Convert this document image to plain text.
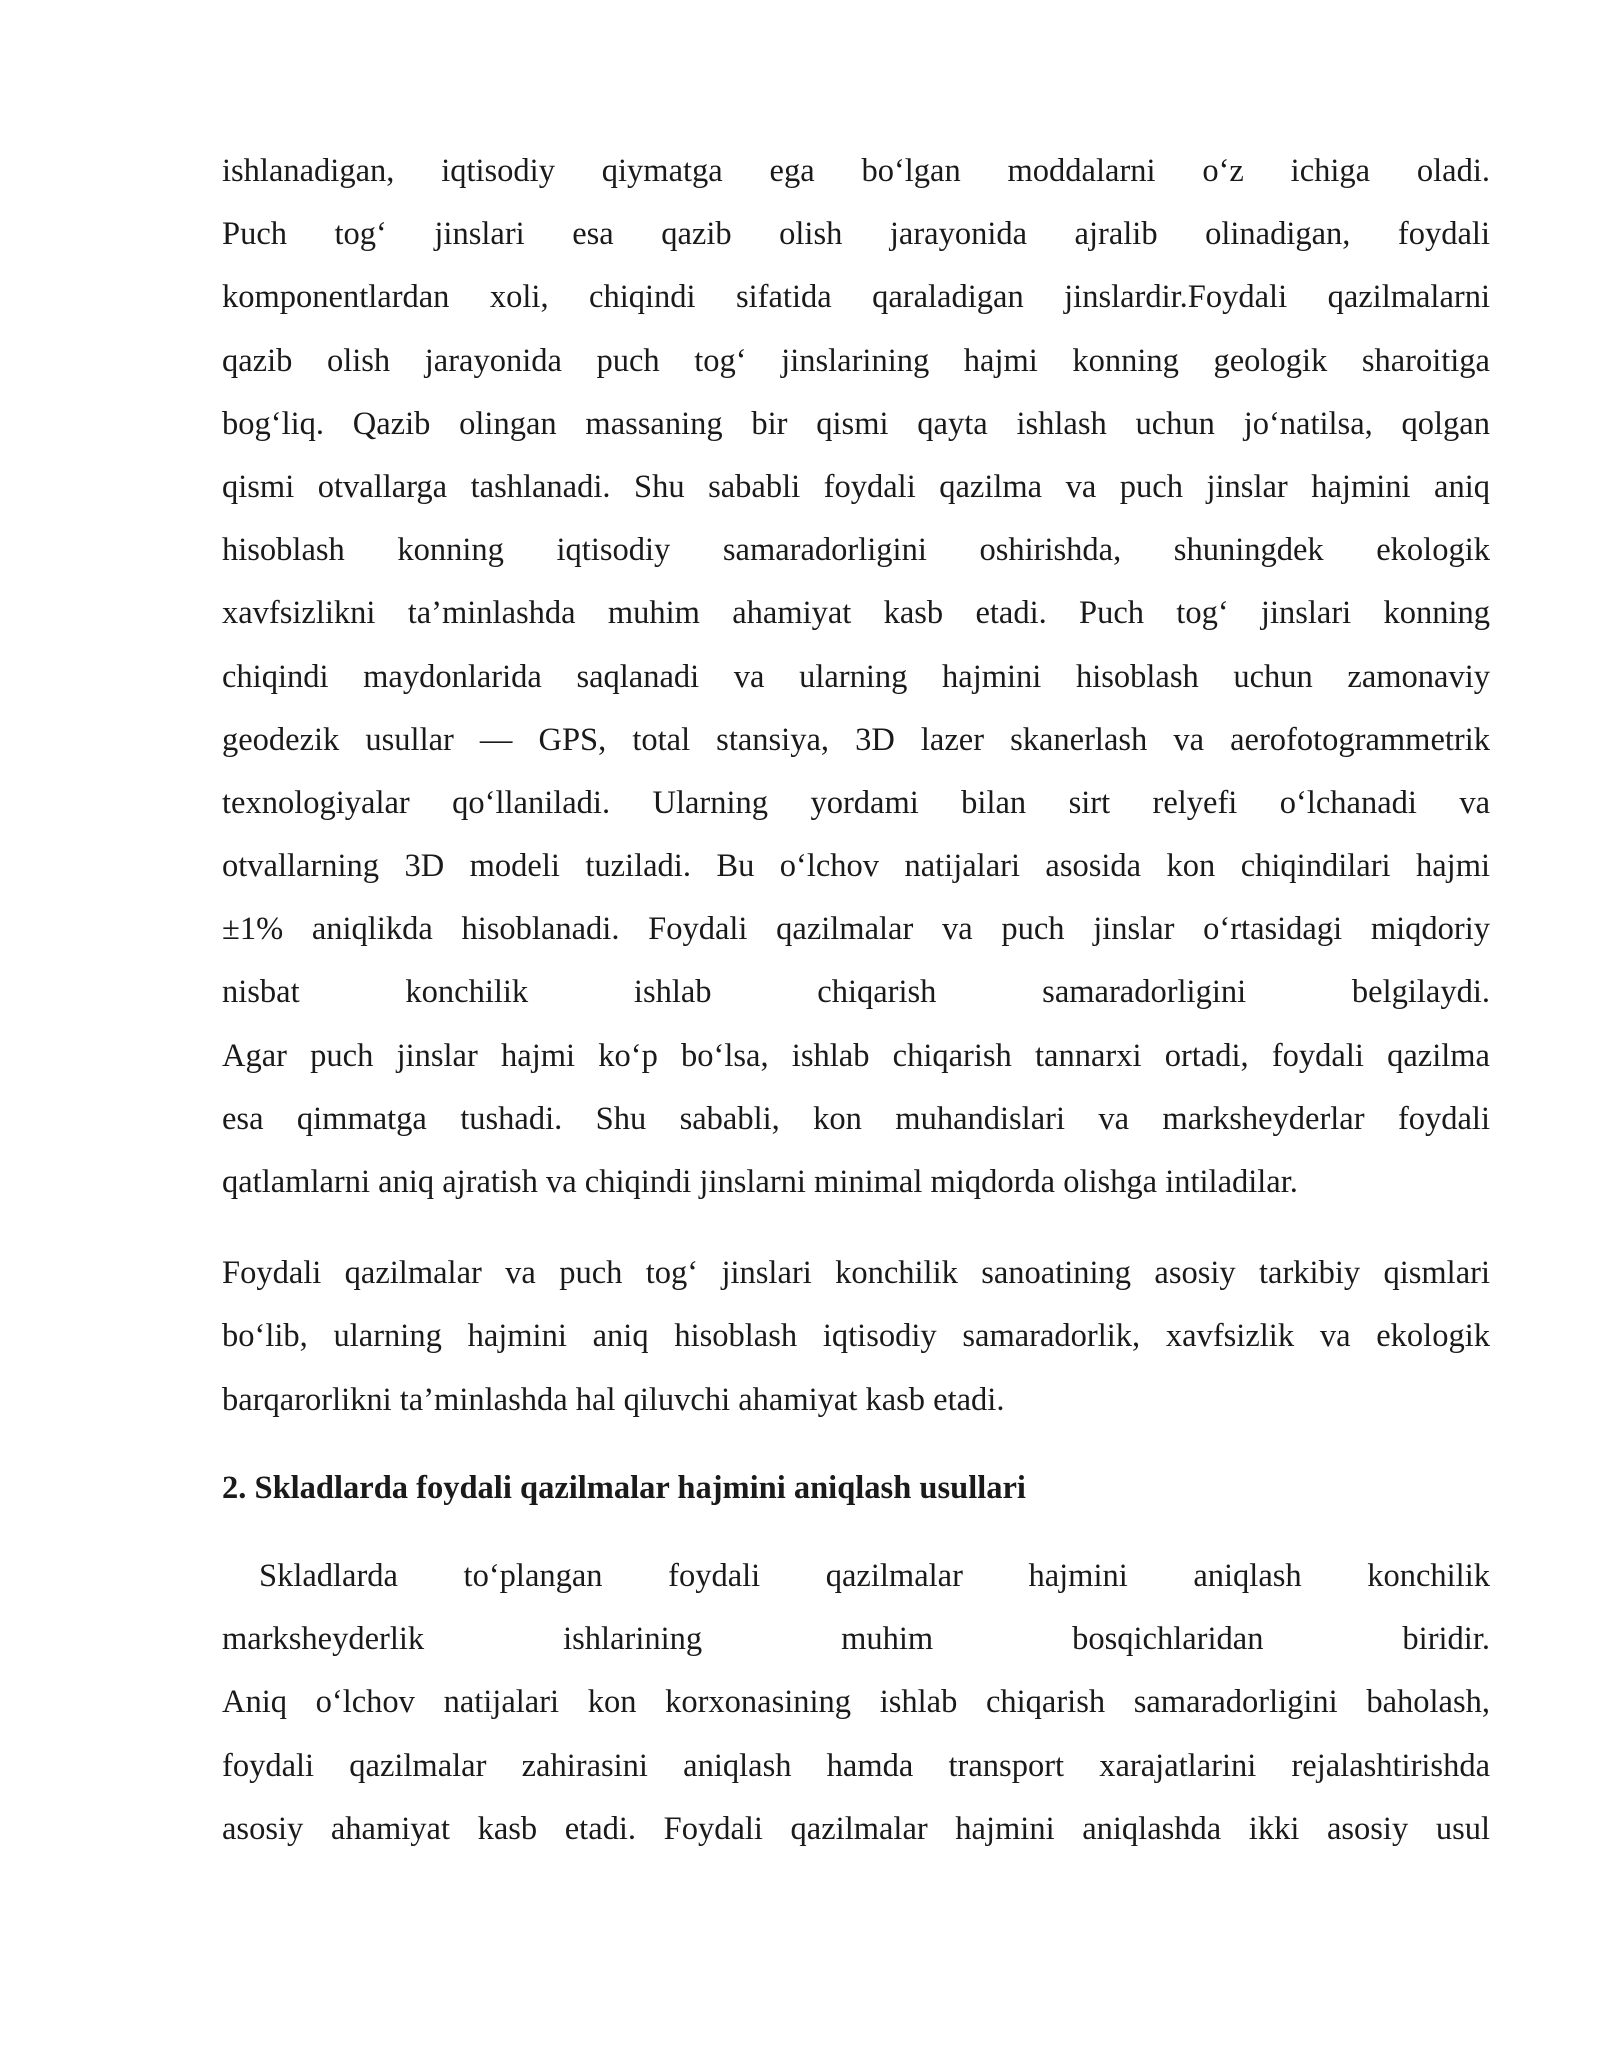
ishlanadigan, iqtisodiy qiymatga ega bo‘lgan moddalarni o‘z ichiga oladi.
Puch tog‘ jinslari esa qazib olish jarayonida ajralib olinadigan, foydali
komponentlardan xoli, chiqindi sifatida qaraladigan jinslardir.Foydali qazilmalarni
qazib olish jarayonida puch tog‘ jinslarining hajmi konning geologik sharoitiga
bog‘liq. Qazib olingan massaning bir qismi qayta ishlash uchun jo‘natilsa, qolgan
qismi otvallarga tashlanadi. Shu sababli foydali qazilma va puch jinslar hajmini aniq
hisoblash konning iqtisodiy samaradorligini oshirishda, shuningdek ekologik
xavfsizlikni ta’minlashda muhim ahamiyat kasb etadi. Puch tog‘ jinslari konning
chiqindi maydonlarida saqlanadi va ularning hajmini hisoblash uchun zamonaviy
geodezik usullar — GPS, total stansiya, 3D lazer skanerlash va aerofotogrammetrik
texnologiyalar qo‘llaniladi. Ularning yordami bilan sirt relyefi o‘lchanadi va
otvallarning 3D modeli tuziladi. Bu o‘lchov natijalari asosida kon chiqindilari hajmi
±1% aniqlikda hisoblanadi. Foydali qazilmalar va puch jinslar o‘rtasidagi miqdoriy
nisbat konchilik ishlab chiqarish samaradorligini belgilaydi.
Agar puch jinslar hajmi ko‘p bo‘lsa, ishlab chiqarish tannarxi ortadi, foydali qazilma
esa qimmatga tushadi. Shu sababli, kon muhandislari va marksheyderlar foydali
qatlamlarni aniq ajratish va chiqindi jinslarni minimal miqdorda olishga intiladilar.
Foydali qazilmalar va puch tog‘ jinslari konchilik sanoatining asosiy tarkibiy qismlari
bo‘lib, ularning hajmini aniq hisoblash iqtisodiy samaradorlik, xavfsizlik va ekologik
barqarorlikni ta’minlashda hal qiluvchi ahamiyat kasb etadi.
2. Skladlarda foydali qazilmalar hajmini aniqlash usullari
Skladlarda to‘plangan foydali qazilmalar hajmini aniqlash konchilik
marksheyderlik ishlarining muhim bosqichlaridan biridir.
Aniq o‘lchov natijalari kon korxonasining ishlab chiqarish samaradorligini baholash,
foydali qazilmalar zahirasini aniqlash hamda transport xarajatlarini rejalashtirishda
asosiy ahamiyat kasb etadi. Foydali qazilmalar hajmini aniqlashda ikki asosiy usul
